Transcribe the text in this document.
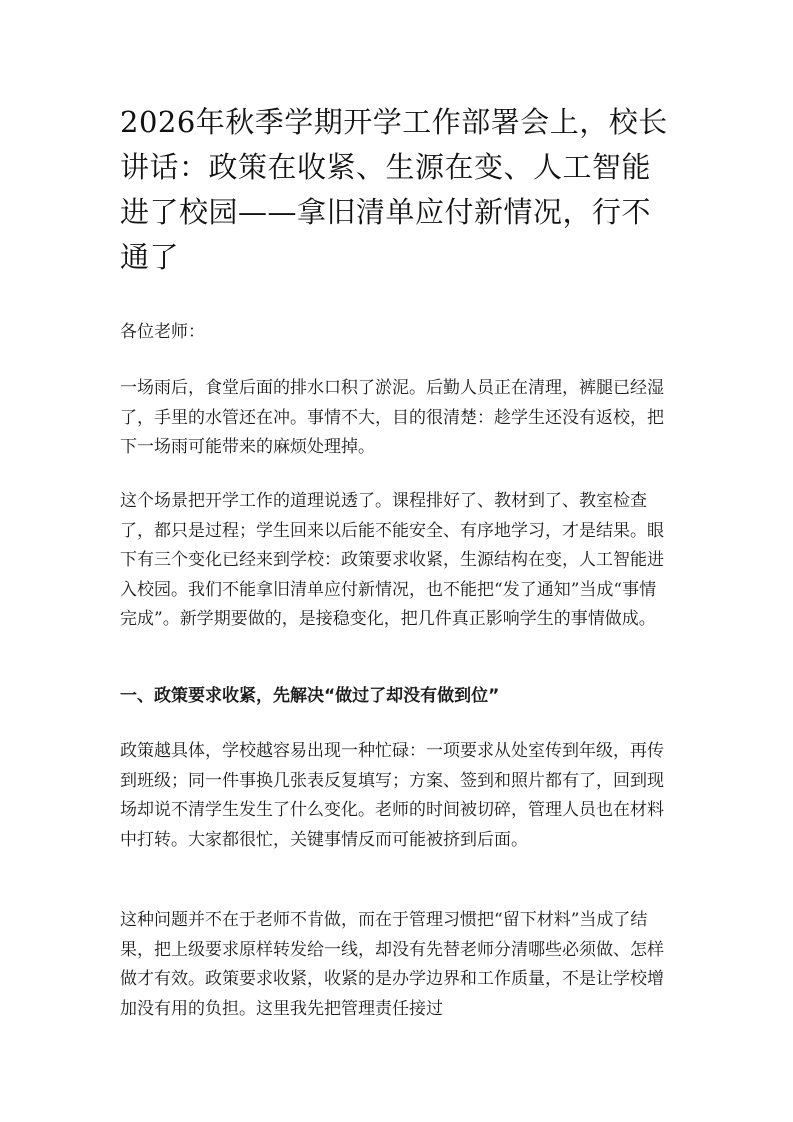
2026年秋季学期开学工作部署会上，校长讲话：政策在收紧、生源在变、人工智能进了校园——拿旧清单应付新情况，行不通了

各位老师：

一场雨后，食堂后面的排水口积了淤泥。后勤人员正在清理，裤腿已经湿了，手里的水管还在冲。事情不大，目的很清楚：趁学生还没有返校，把下一场雨可能带来的麻烦处理掉。

这个场景把开学工作的道理说透了。课程排好了、教材到了、教室检查了，都只是过程；学生回来以后能不能安全、有序地学习，才是结果。眼下有三个变化已经来到学校：政策要求收紧，生源结构在变，人工智能进入校园。我们不能拿旧清单应付新情况，也不能把“发了通知”当成“事情完成”。新学期要做的，是接稳变化，把几件真正影响学生的事情做成。

一、政策要求收紧，先解决“做过了却没有做到位”

政策越具体，学校越容易出现一种忙碌：一项要求从处室传到年级，再传到班级；同一件事换几张表反复填写；方案、签到和照片都有了，回到现场却说不清学生发生了什么变化。老师的时间被切碎，管理人员也在材料中打转。大家都很忙，关键事情反而可能被挤到后面。

这种问题并不在于老师不肯做，而在于管理习惯把“留下材料”当成了结果，把上级要求原样转发给一线，却没有先替老师分清哪些必须做、怎样做才有效。政策要求收紧，收紧的是办学边界和工作质量，不是让学校增加没有用的负担。这里我先把管理责任接过
